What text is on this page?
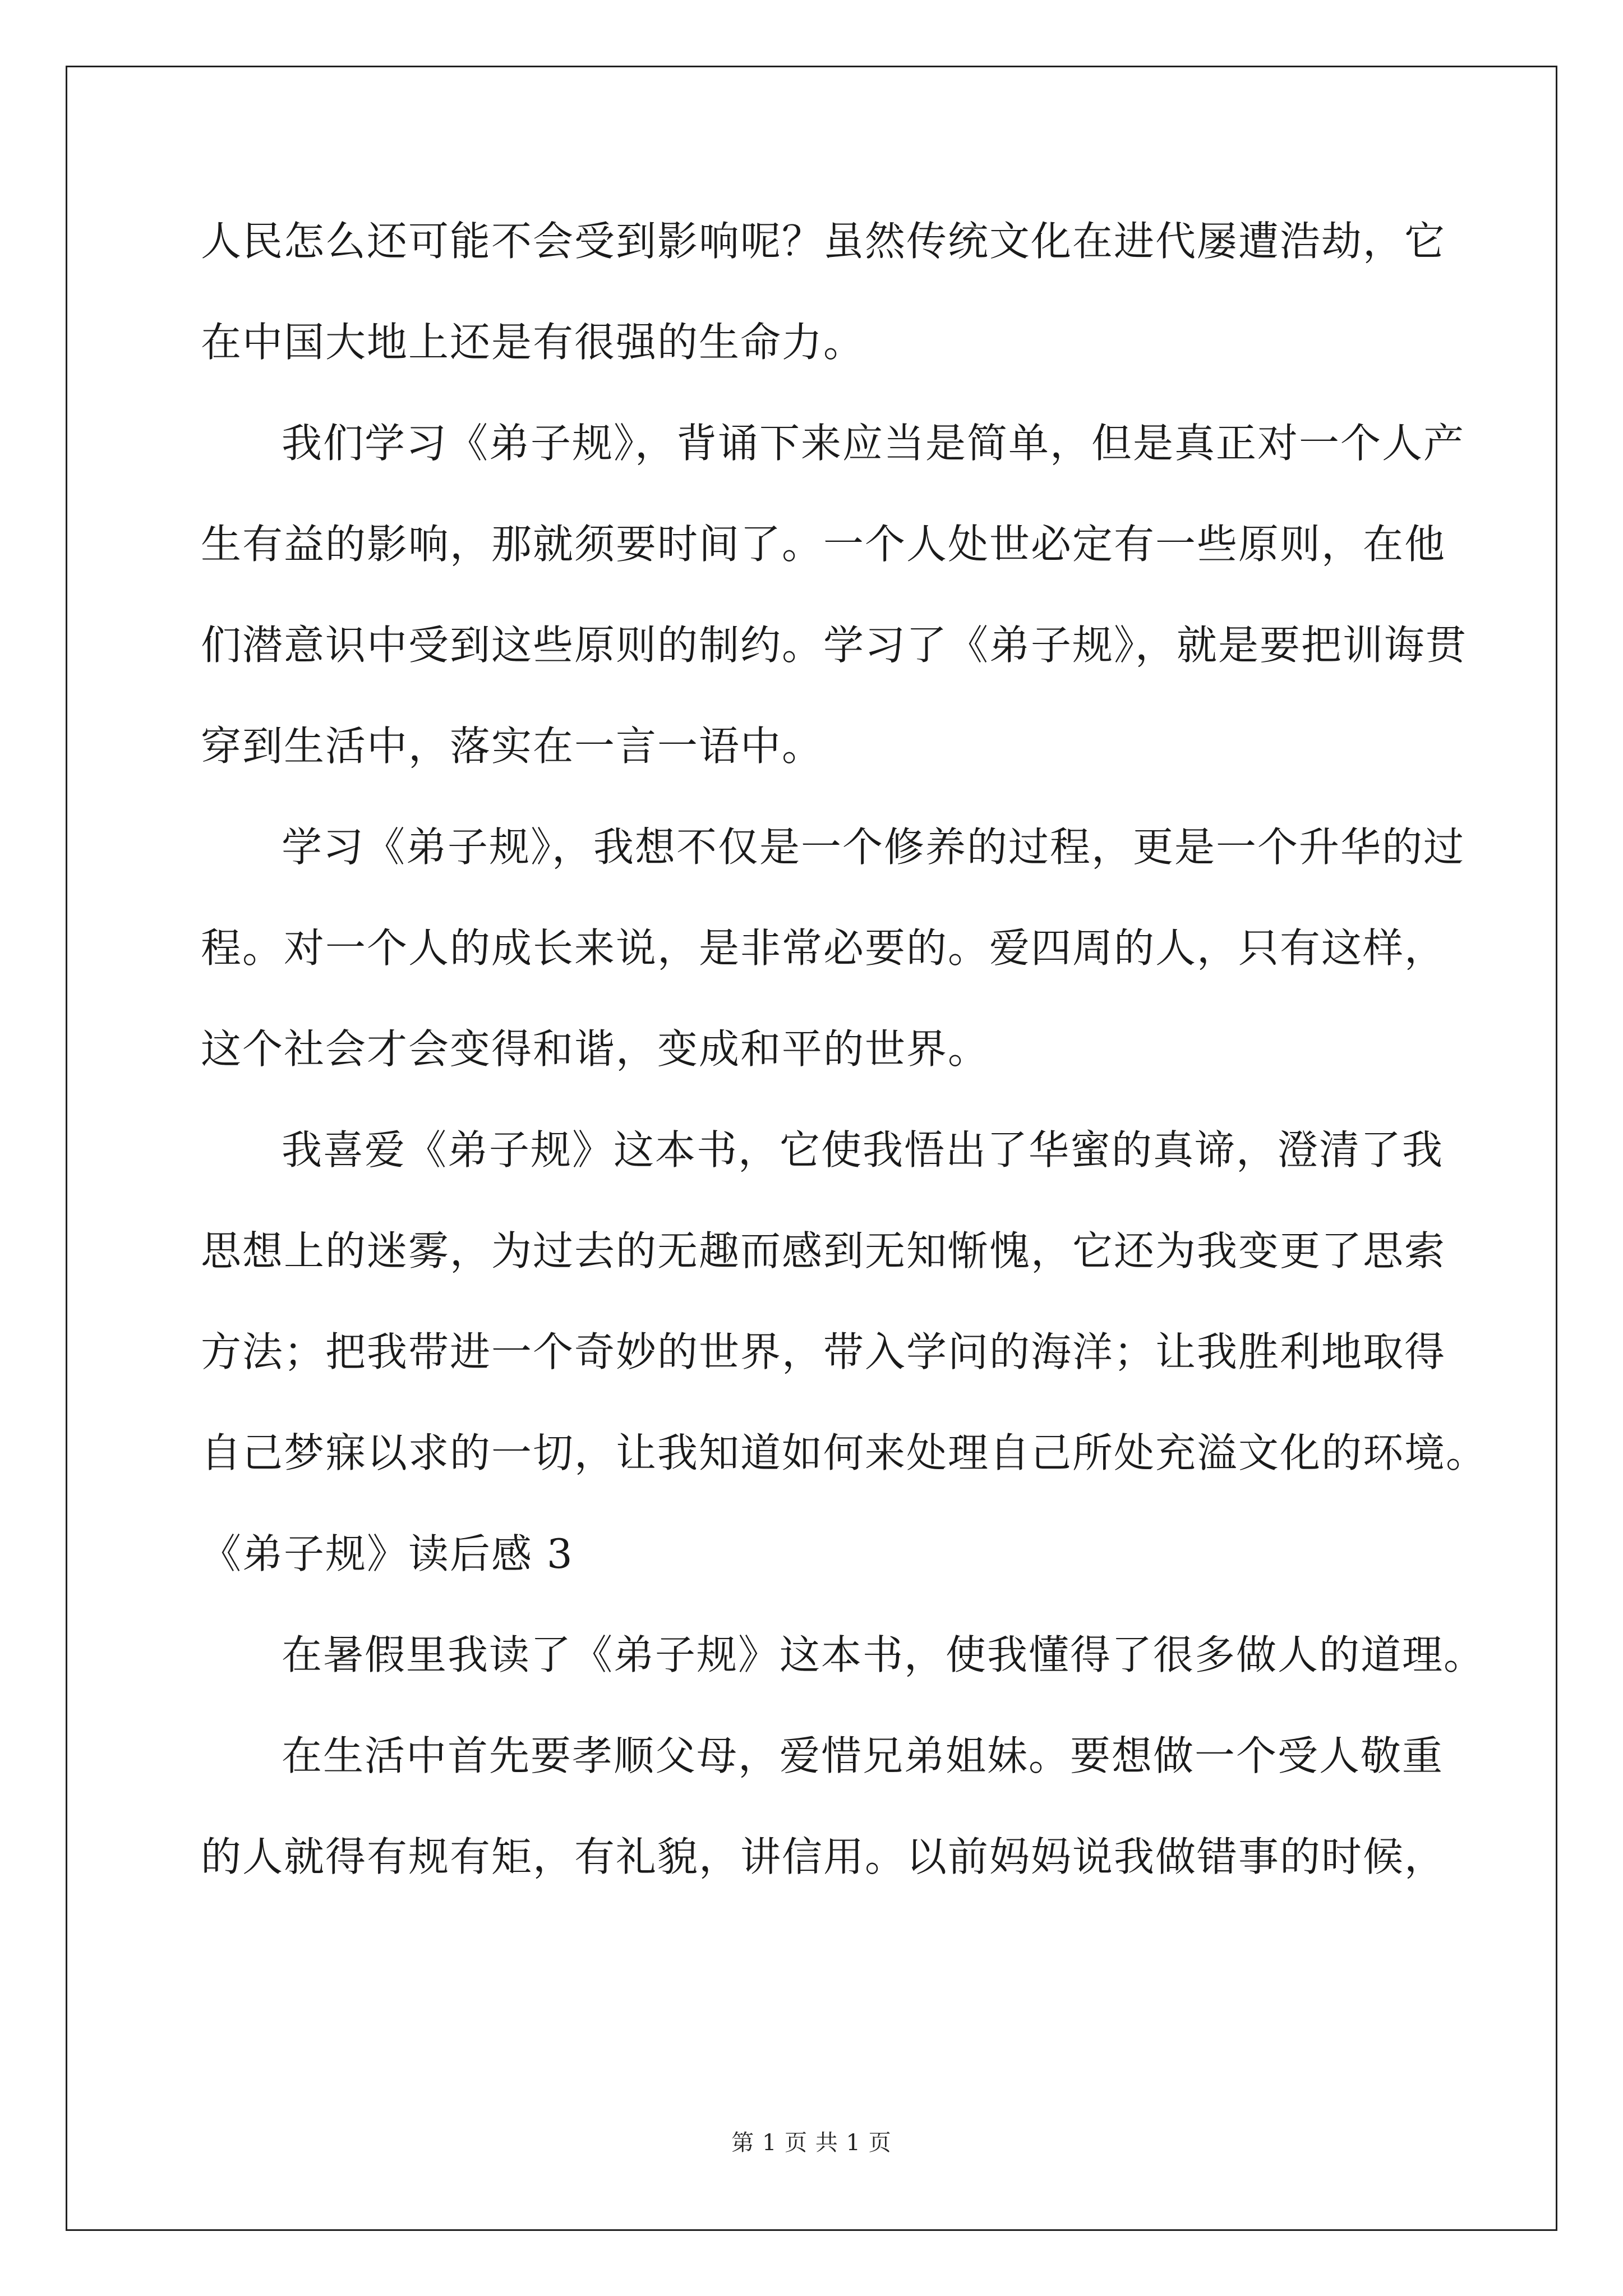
人民怎么还可能不会受到影响呢？虽然传统文化在进代屡遭浩劫，它
在中国大地上还是有很强的生命力。
我们学习《弟子规》，背诵下来应当是简单，但是真正对一个人产
生有益的影响，那就须要时间了。一个人处世必定有一些原则，在他
们潜意识中受到这些原则的制约。学习了《弟子规》，就是要把训诲贯
穿到生活中，落实在一言一语中。
学习《弟子规》，我想不仅是一个修养的过程，更是一个升华的过
程。对一个人的成长来说，是非常必要的。爱四周的人，只有这样，
这个社会才会变得和谐，变成和平的世界。
我喜爱《弟子规》这本书，它使我悟出了华蜜的真谛，澄清了我
思想上的迷雾，为过去的无趣而感到无知惭愧，它还为我变更了思索
方法；把我带进一个奇妙的世界，带入学问的海洋；让我胜利地取得
自己梦寐以求的一切，让我知道如何来处理自己所处充溢文化的环境。
《弟子规》读后感 3
在暑假里我读了《弟子规》这本书，使我懂得了很多做人的道理。
在生活中首先要孝顺父母，爱惜兄弟姐妹。要想做一个受人敬重
的人就得有规有矩，有礼貌，讲信用。以前妈妈说我做错事的时候，
第 1 页 共 1 页
